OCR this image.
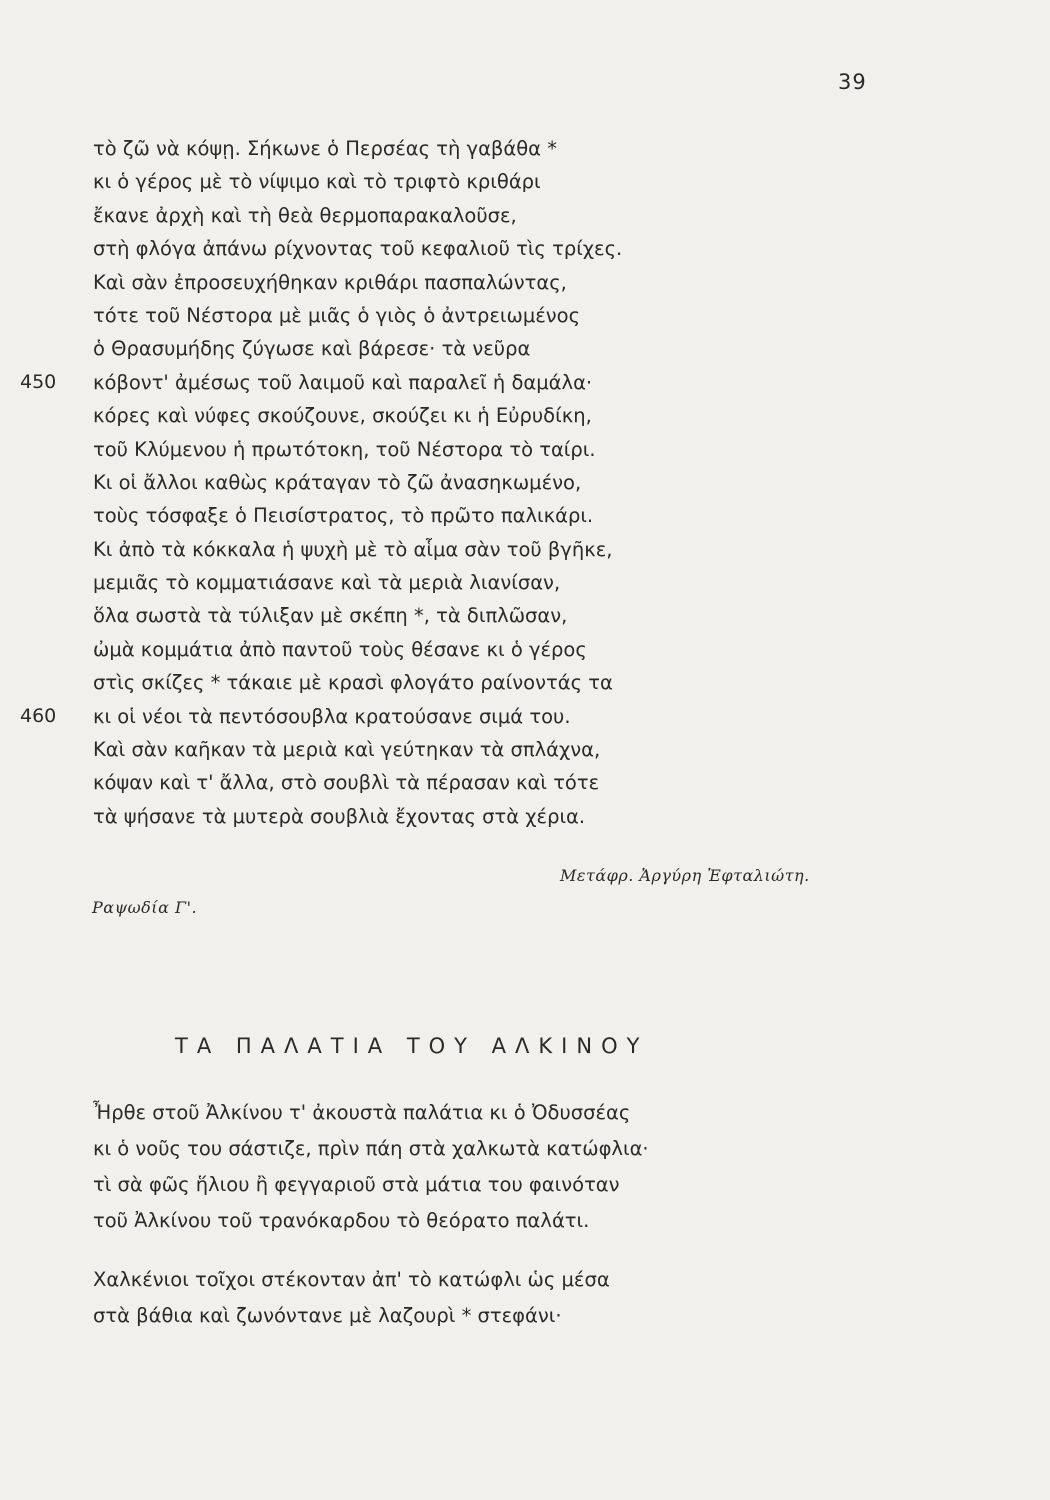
39
τὸ ζῶ νὰ κόψῃ. Σήκωνε ὁ Περσέας τὴ γαβάθα *
κι ὁ γέρος μὲ τὸ νίψιμο καὶ τὸ τριφτὸ κριθάρι
ἔκανε ἀρχὴ καὶ τὴ θεὰ θερμοπαρακαλοῦσε,
στὴ φλόγα ἀπάνω ρίχνοντας τοῦ κεφαλιοῦ τὶς τρίχες.
Καὶ σὰν ἐπροσευχήθηκαν κριθάρι πασπαλώντας,
τότε τοῦ Νέστορα μὲ μιᾶς ὁ γιὸς ὁ ἀντρειωμένος
ὁ Θρασυμήδης ζύγωσε καὶ βάρεσε· τὰ νεῦρα
450 κόβοντ' ἀμέσως τοῦ λαιμοῦ καὶ παραλεῖ ἡ δαμάλα·
κόρες καὶ νύφες σκούζουνε, σκούζει κι ἡ Εὐρυδίκη,
τοῦ Κλύμενου ἡ πρωτότοκη, τοῦ Νέστορα τὸ ταίρι.
Κι οἱ ἄλλοι καθὼς κράταγαν τὸ ζῶ ἀνασηκωμένο,
τοὺς τόσφαξε ὁ Πεισίστρατος, τὸ πρῶτο παλικάρι.
Κι ἀπὸ τὰ κόκκαλα ἡ ψυχὴ μὲ τὸ αἷμα σὰν τοῦ βγῆκε,
μεμιᾶς τὸ κομματιάσανε καὶ τὰ μεριὰ λιανίσαν,
ὅλα σωστὰ τὰ τύλιξαν μὲ σκέπη *, τὰ διπλῶσαν,
ὠμὰ κομμάτια ἀπὸ παντοῦ τοὺς θέσανε κι ὁ γέρος
στὶς σκίζες * τάκαιε μὲ κρασὶ φλογάτο ραίνοντάς τα
460 κι οἱ νέοι τὰ πεντόσουβλα κρατούσανε σιμά του.
Καὶ σὰν καῆκαν τὰ μεριὰ καὶ γεύτηκαν τὰ σπλάχνα,
κόψαν καὶ τ' ἄλλα, στὸ σουβλὶ τὰ πέρασαν καὶ τότε
τὰ ψήσανε τὰ μυτερὰ σουβλιὰ ἔχοντας στὰ χέρια.
Μετάφρ. Ἀργύρη Ἐφταλιώτη.
Ραψωδία Γ'.
ΤΑ ΠΑΛΑΤΙΑ ΤΟΥ ΑΛΚΙΝΟΥ
Ἦρθε στοῦ Ἀλκίνου τ' ἀκουστὰ παλάτια κι ὁ Ὀδυσσέας
κι ὁ νοῦς του σάστιζε, πρὶν πάη στὰ χαλκωτὰ κατώφλια·
τὶ σὰ φῶς ἥλιου ἢ φεγγαριοῦ στὰ μάτια του φαινόταν
τοῦ Ἀλκίνου τοῦ τρανόκαρδου τὸ θεόρατο παλάτι.
Χαλκένιοι τοῖχοι στέκονταν ἀπ' τὸ κατώφλι ὡς μέσα
στὰ βάθια καὶ ζωνόντανε μὲ λαζουρὶ * στεφάνι·
